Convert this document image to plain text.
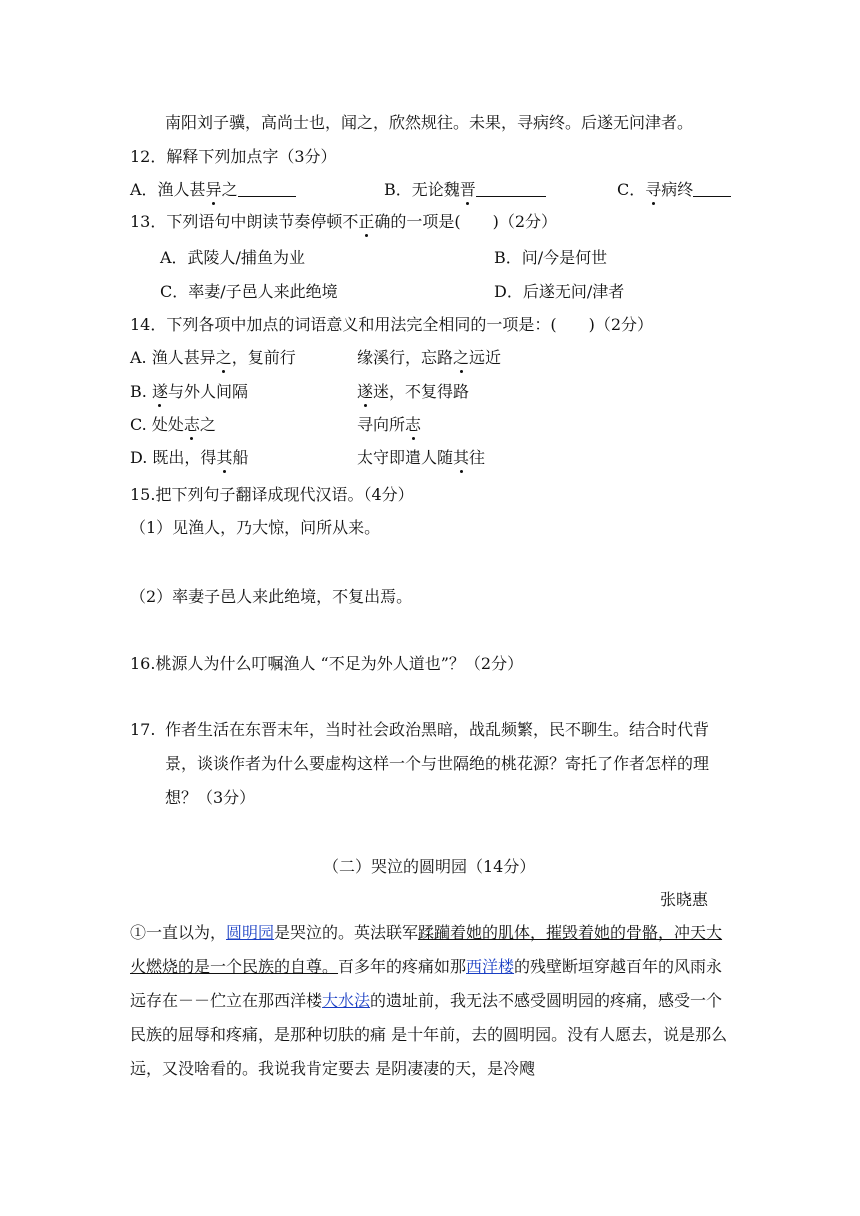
南阳刘子骥，高尚士也，闻之，欣然规往。未果，寻病终。后遂无问津者。
12．解释下列加点字（3分）
A．渔人甚异之	B．无论魏晋	C．寻病终
13．下列语句中朗读节奏停顿不正确的一项是(　　)（2分）
A．武陵人/捕鱼为业	B．问/今是何世
C．率妻/子邑人来此绝境	D．后遂无问/津者
14．下列各项中加点的词语意义和用法完全相同的一项是：(　　)（2分）
A. 渔人甚异之，复前行	缘溪行，忘路之远近
B. 遂与外人间隔	遂迷，不复得路
C. 处处志之	寻向所志
D. 既出，得其船	太守即遣人随其往
15.把下列句子翻译成现代汉语。（4分）
（1）见渔人，乃大惊，问所从来。
（2）率妻子邑人来此绝境，不复出焉。
16.桃源人为什么叮嘱渔人 “不足为外人道也”？（2分）
17. 作者生活在东晋末年，当时社会政治黑暗，战乱频繁，民不聊生。结合时代背景，谈谈作者为什么要虚构这样一个与世隔绝的桃花源？寄托了作者怎样的理想？（3分）
（二）哭泣的圆明园（14分）
张晓惠
①一直以为，圆明园是哭泣的。英法联军蹂躏着她的肌体，摧毁着她的骨骼，冲天大火燃烧的是一个民族的自尊。百多年的疼痛如那西洋楼的残壁断垣穿越百年的风雨永远存在－－伫立在那西洋楼大水法的遗址前，我无法不感受圆明园的疼痛，感受一个民族的屈辱和疼痛，是那种切肤的痛 是十年前，去的圆明园。没有人愿去，说是那么远，又没啥看的。我说我肯定要去 是阴凄凄的天，是冷飕
